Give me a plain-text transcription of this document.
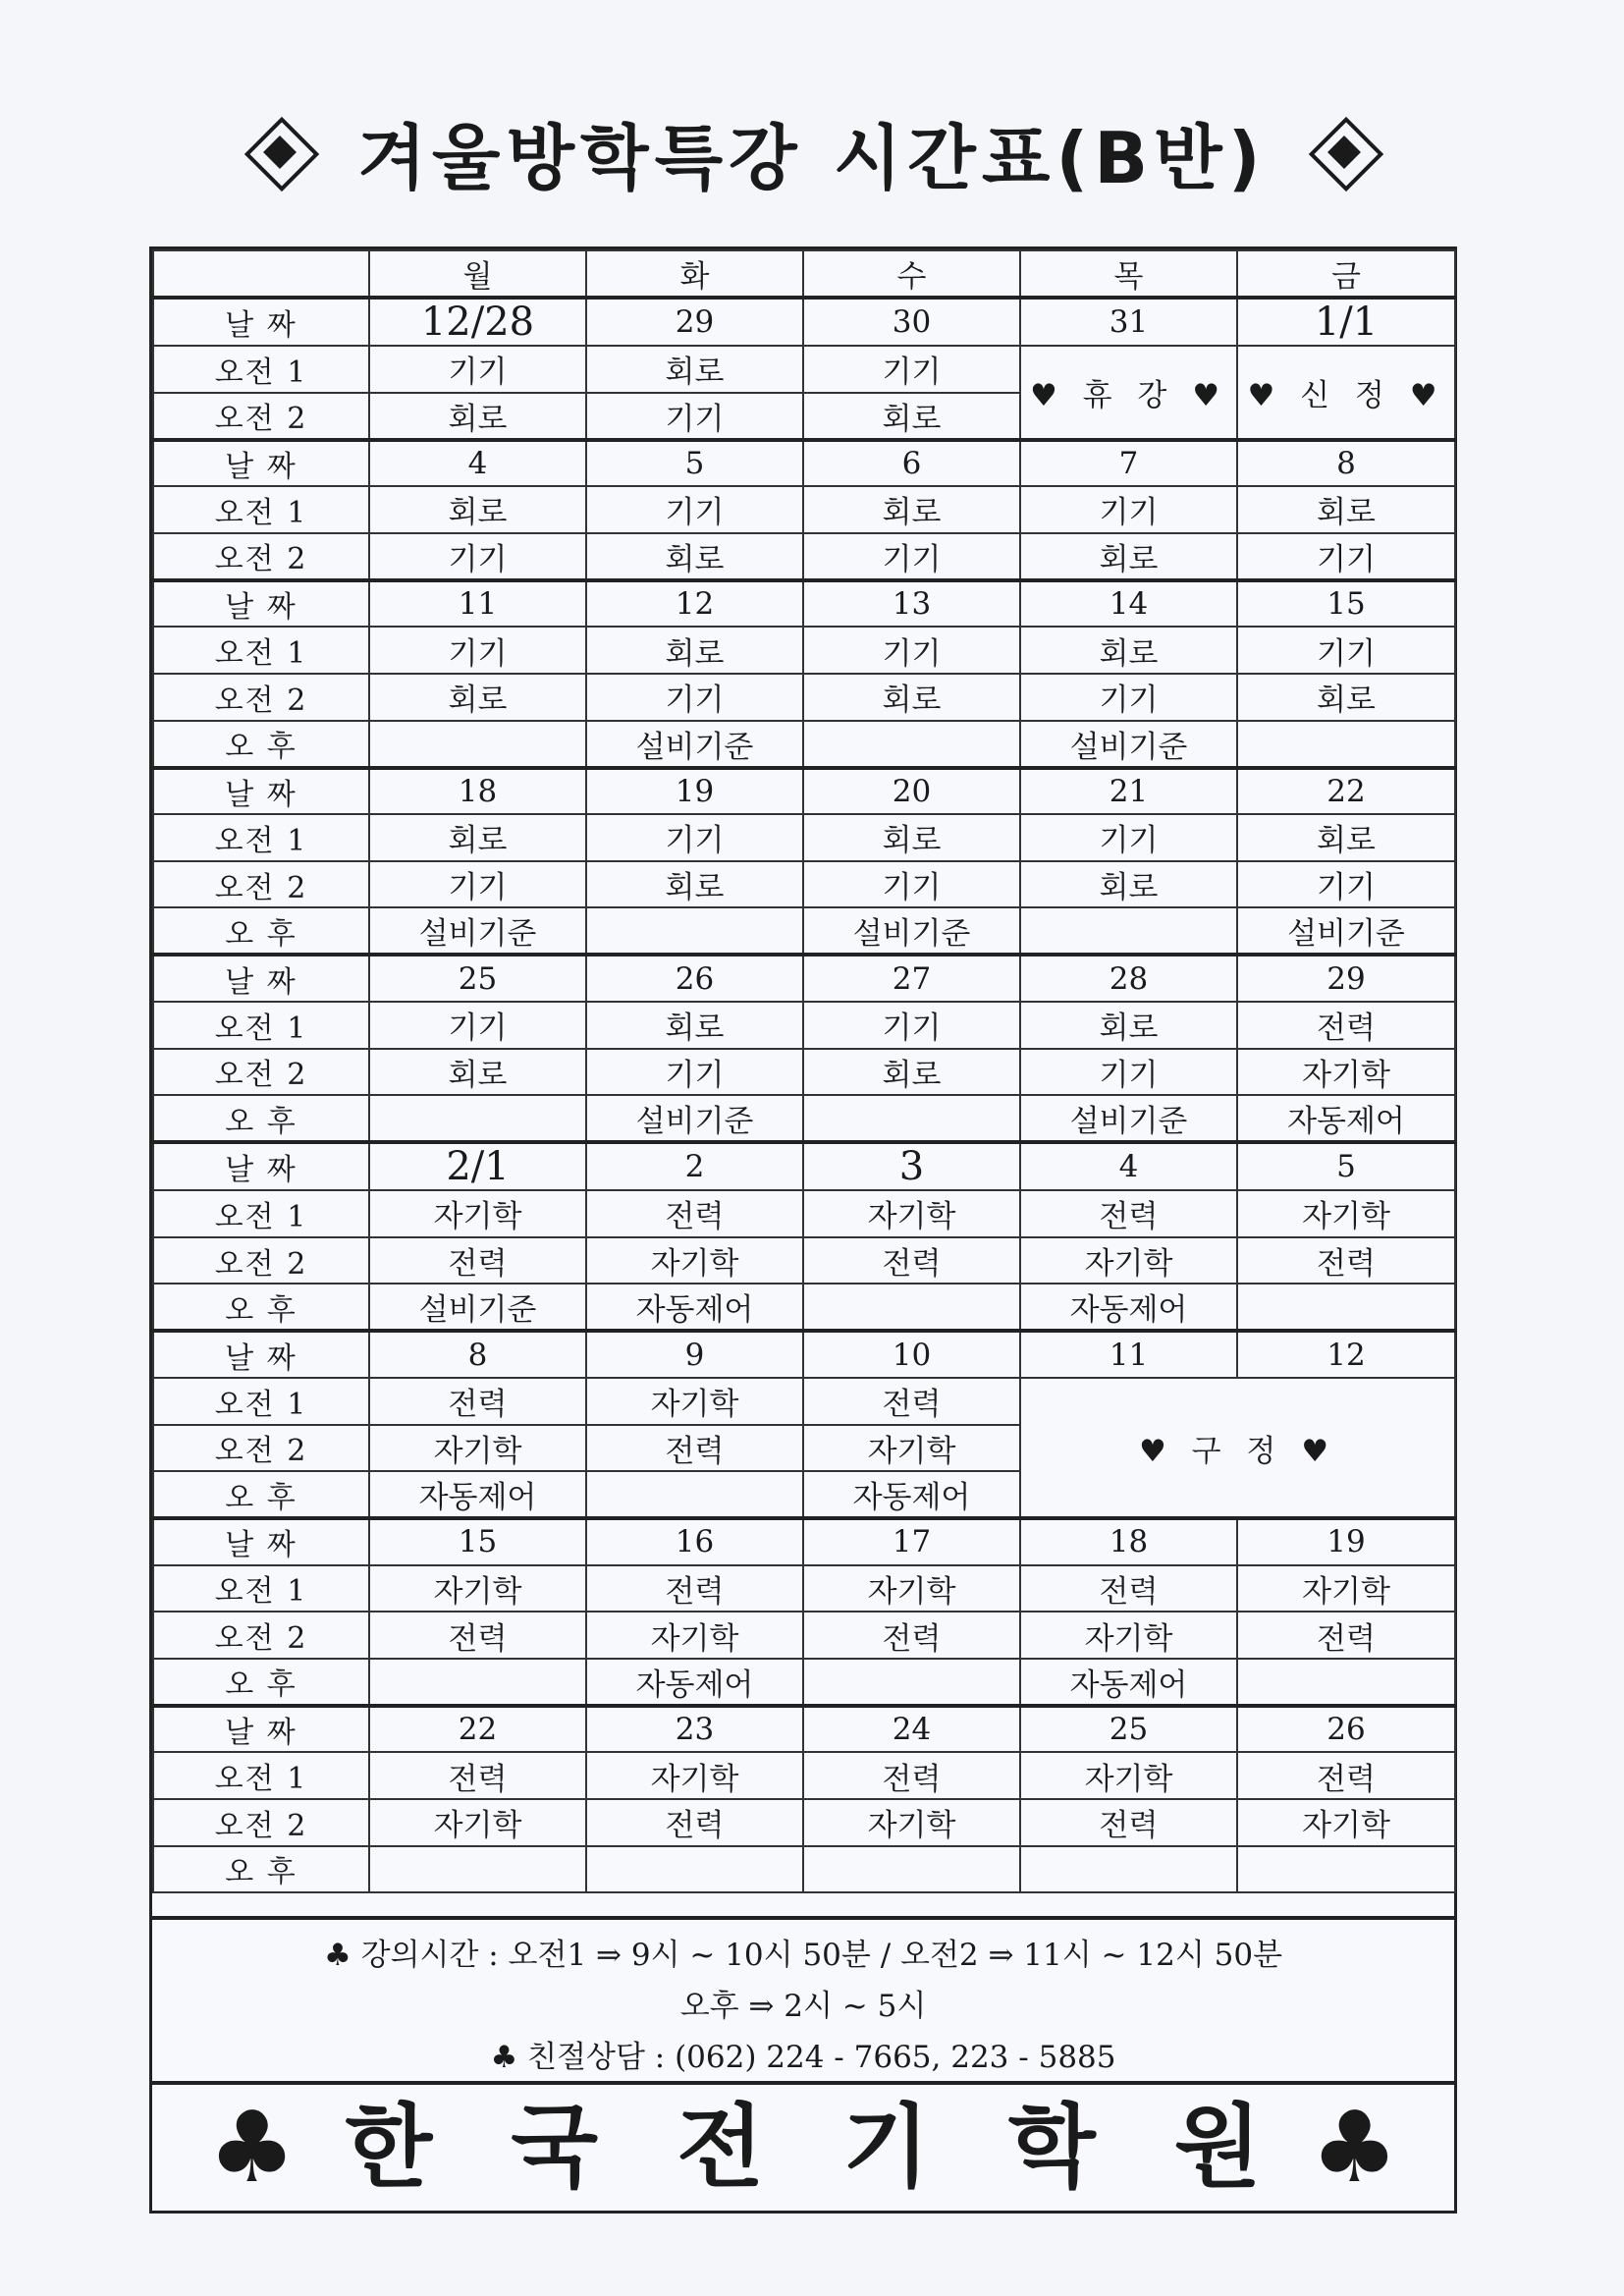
겨울방학특강 시간표(B반)
	월	화	수	목	금
날 짜	12/28	29	30	31	1/1
오전 1	기기	회로	기기	♥ 휴 강 ♥	♥ 신 정 ♥
오전 2	회로	기기	회로		
날 짜	4	5	6	7	8
오전 1	회로	기기	회로	기기	회로
오전 2	기기	회로	기기	회로	기기
날 짜	11	12	13	14	15
오전 1	기기	회로	기기	회로	기기
오전 2	회로	기기	회로	기기	회로
오 후		설비기준		설비기준	
날 짜	18	19	20	21	22
오전 1	회로	기기	회로	기기	회로
오전 2	기기	회로	기기	회로	기기
오 후	설비기준		설비기준		설비기준
날 짜	25	26	27	28	29
오전 1	기기	회로	기기	회로	전력
오전 2	회로	기기	회로	기기	자기학
오 후		설비기준		설비기준	자동제어
날 짜	2/1	2	3	4	5
오전 1	자기학	전력	자기학	전력	자기학
오전 2	전력	자기학	전력	자기학	전력
오 후	설비기준	자동제어		자동제어	
날 짜	8	9	10	11	12
오전 1	전력	자기학	전력	♥ 구 정 ♥	
오전 2	자기학	전력	자기학		
오 후	자동제어		자동제어		
날 짜	15	16	17	18	19
오전 1	자기학	전력	자기학	전력	자기학
오전 2	전력	자기학	전력	자기학	전력
오 후		자동제어		자동제어	
날 짜	22	23	24	25	26
오전 1	전력	자기학	전력	자기학	전력
오전 2	자기학	전력	자기학	전력	자기학
오 후					
♣ 강의시간 : 오전1 ⇒ 9시 ~ 10시 50분 / 오전2 ⇒ 11시 ~ 12시 50분
오후 ⇒ 2시 ~ 5시
♣ 친절상담 : (062) 224 - 7665, 223 - 5885
♣ 한 국 전 기 학 원 ♣
